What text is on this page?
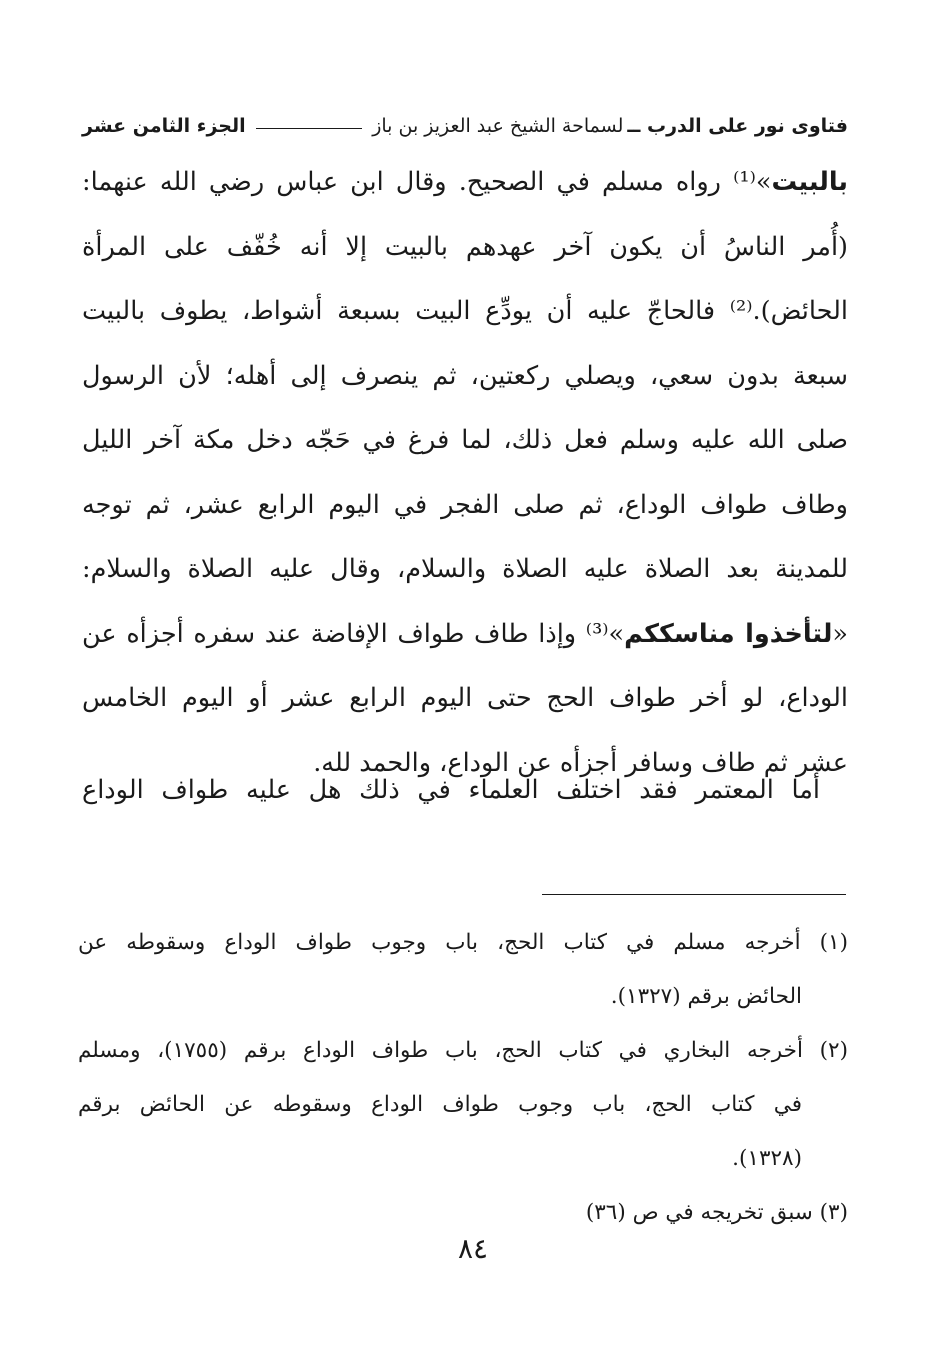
فتاوى نور على الدرب ــ
لسماحة الشيخ عبد العزيز بن باز
الجزء الثامن عشر
بالبيت»⁽¹⁾ رواه مسلم في الصحيح. وقال ابن عباس رضي الله عنهما:
(أُمر الناسُ أن يكون آخر عهدهم بالبيت إلا أنه خُفّف على المرأة
الحائض).⁽²⁾ فالحاجّ عليه أن يودِّع البيت بسبعة أشواط، يطوف بالبيت
سبعة بدون سعي، ويصلي ركعتين، ثم ينصرف إلى أهله؛ لأن الرسول
صلى الله عليه وسلم فعل ذلك، لما فرغ في حَجّه دخل مكة آخر الليل
وطاف طواف الوداع، ثم صلى الفجر في اليوم الرابع عشر، ثم توجه
للمدينة بعد الصلاة عليه الصلاة والسلام، وقال عليه الصلاة والسلام:
«لتأخذوا مناسككم»⁽³⁾ وإذا طاف طواف الإفاضة عند سفره أجزأه عن
الوداع، لو أخر طواف الحج حتى اليوم الرابع عشر أو اليوم الخامس
عشر ثم طاف وسافر أجزأه عن الوداع، والحمد لله.
أما المعتمر فقد اختلف العلماء في ذلك هل عليه طواف الوداع
(١) أخرجه مسلم في كتاب الحج، باب وجوب طواف الوداع وسقوطه عن
الحائض برقم (١٣٢٧).
(٢) أخرجه البخاري في كتاب الحج، باب طواف الوداع برقم (١٧٥٥)، ومسلم
في كتاب الحج، باب وجوب طواف الوداع وسقوطه عن الحائض برقم
(١٣٢٨).
(٣) سبق تخريجه في ص (٣٦)
٨٤
